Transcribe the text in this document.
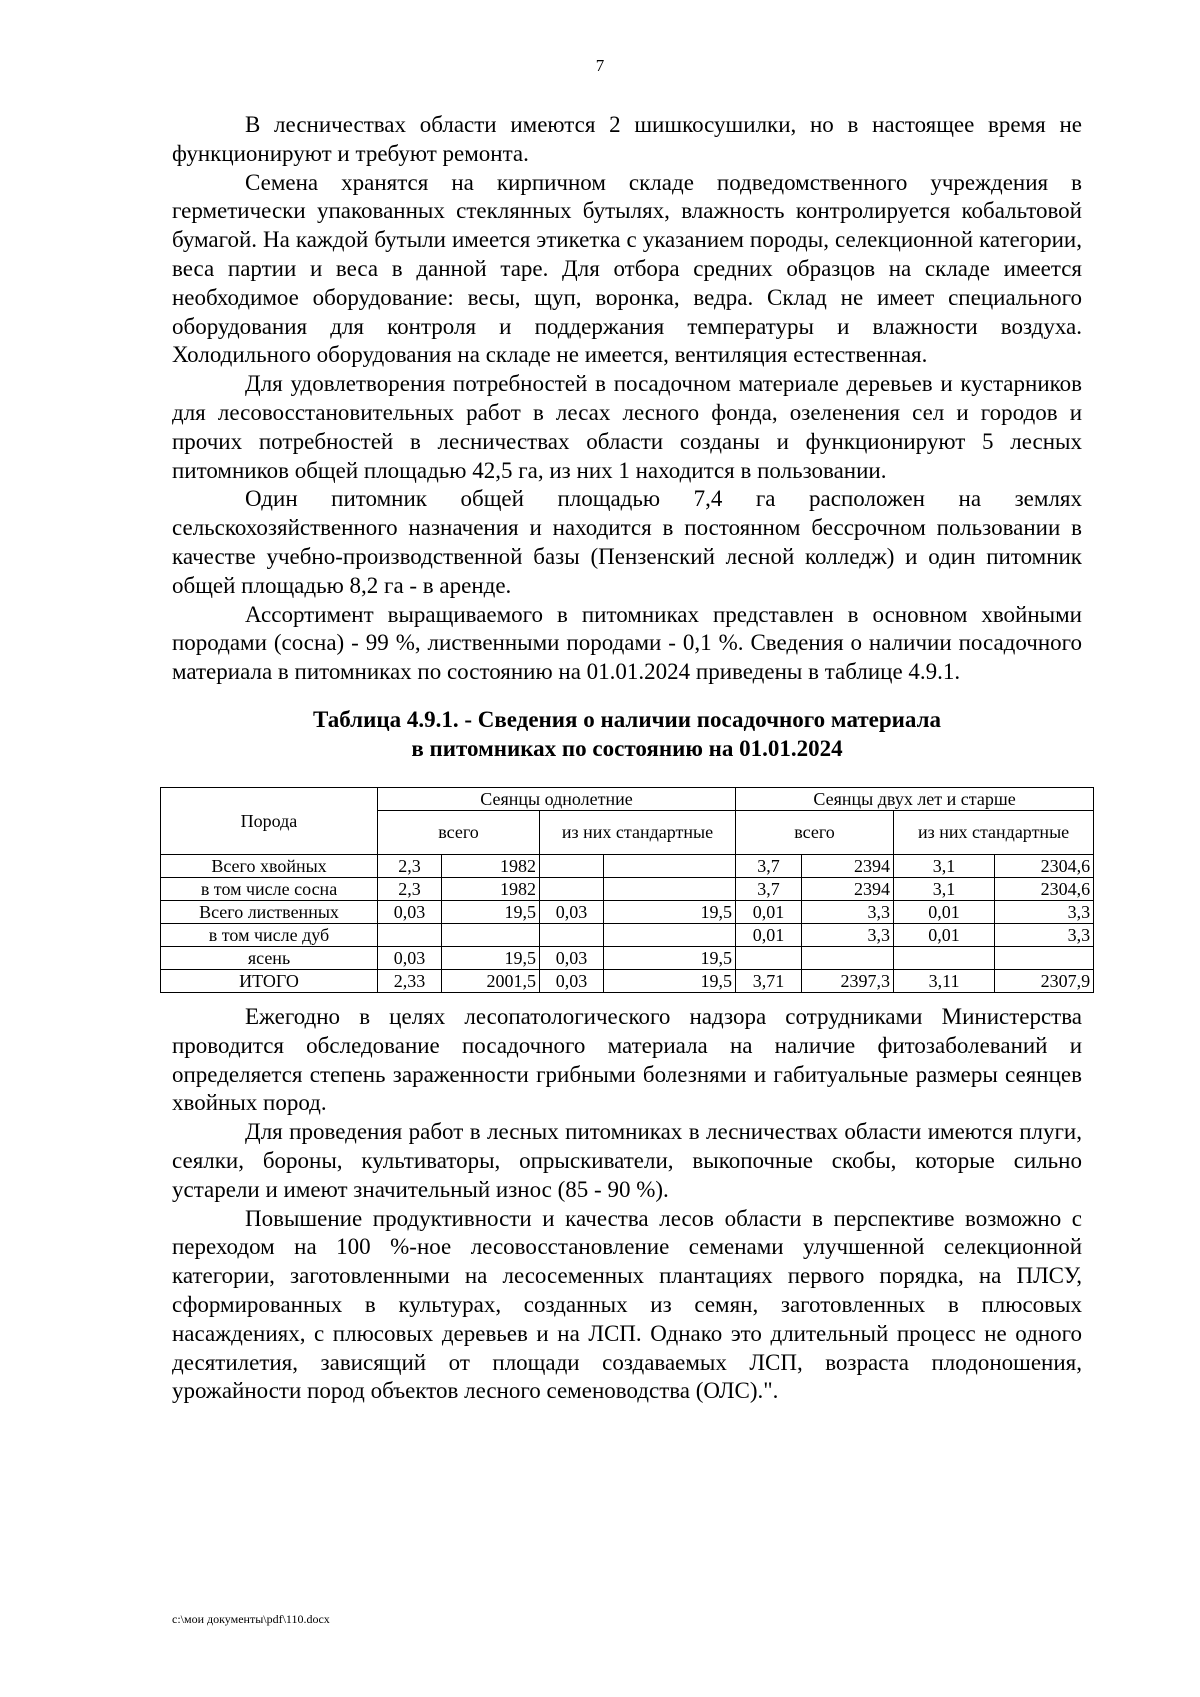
7

В лесничествах области имеются 2 шишкосушилки, но в настоящее время не функционируют и требуют ремонта.

Семена хранятся на кирпичном складе подведомственного учреждения в герметически упакованных стеклянных бутылях, влажность контролируется кобальтовой бумагой. На каждой бутыли имеется этикетка с указанием породы, селекционной категории, веса партии и веса в данной таре. Для отбора средних образцов на складе имеется необходимое оборудование: весы, щуп, воронка, ведра. Склад не имеет специального оборудования для контроля и поддержания температуры и влажности воздуха. Холодильного оборудования на складе не имеется, вентиляция естественная.

Для удовлетворения потребностей в посадочном материале деревьев и кустарников для лесовосстановительных работ в лесах лесного фонда, озеленения сел и городов и прочих потребностей в лесничествах области созданы и функционируют 5 лесных питомников общей площадью 42,5 га, из них 1 находится в пользовании.

Один питомник общей площадью 7,4 га расположен на землях сельскохозяйственного назначения и находится в постоянном бессрочном пользовании в качестве учебно-производственной базы (Пензенский лесной колледж) и один питомник общей площадью 8,2 га - в аренде.

Ассортимент выращиваемого в питомниках представлен в основном хвойными породами (сосна) - 99 %, лиственными породами - 0,1 %. Сведения о наличии посадочного материала в питомниках по состоянию на 01.01.2024 приведены в таблице 4.9.1.

Таблица 4.9.1. - Сведения о наличии посадочного материала
в питомниках по состоянию на 01.01.2024
Порода	Сеянцы однолетние				Сеянцы двух лет и старше			
	всего		из них стандартные		всего		из них стандартные	
Всего хвойных	2,3	1982			3,7	2394	3,1	2304,6
в том числе сосна	2,3	1982			3,7	2394	3,1	2304,6
Всего лиственных	0,03	19,5	0,03	19,5	0,01	3,3	0,01	3,3
в том числе дуб					0,01	3,3	0,01	3,3
ясень	0,03	19,5	0,03	19,5				
ИТОГО	2,33	2001,5	0,03	19,5	3,71	2397,3	3,11	2307,9

Ежегодно в целях лесопатологического надзора сотрудниками Министерства проводится обследование посадочного материала на наличие фитозаболеваний и определяется степень зараженности грибными болезнями и габитуальные размеры сеянцев хвойных пород.

Для проведения работ в лесных питомниках в лесничествах области имеются плуги, сеялки, бороны, культиваторы, опрыскиватели, выкопочные скобы, которые сильно устарели и имеют значительный износ (85 - 90 %).

Повышение продуктивности и качества лесов области в перспективе возможно с переходом на 100 %-ное лесовосстановление семенами улучшенной селекционной категории, заготовленными на лесосеменных плантациях первого порядка, на ПЛСУ, сформированных в культурах, созданных из семян, заготовленных в плюсовых насаждениях, с плюсовых деревьев и на ЛСП. Однако это длительный процесс не одного десятилетия, зависящий от площади создаваемых ЛСП, возраста плодоношения, урожайности пород объектов лесного семеноводства (ОЛС).".

c:\мои документы\pdf\110.docx
